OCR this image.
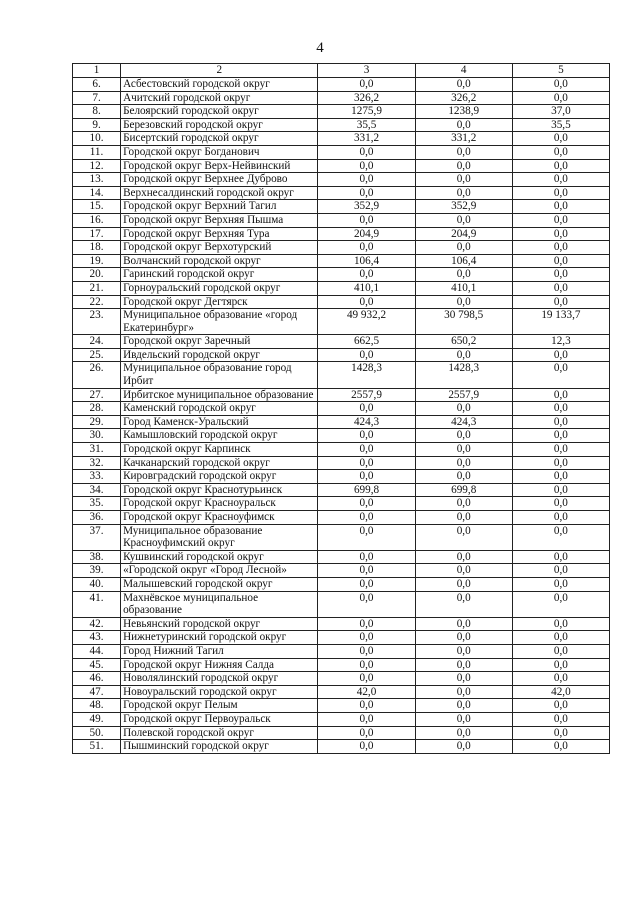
4
1	2	3	4	5
6.	Асбестовский городской округ	0,0	0,0	0,0
7.	Ачитский городской округ	326,2	326,2	0,0
8.	Белоярский городской округ	1275,9	1238,9	37,0
9.	Березовский городской округ	35,5	0,0	35,5
10.	Бисертский городской округ	331,2	331,2	0,0
11.	Городской округ Богданович	0,0	0,0	0,0
12.	Городской округ Верх-Нейвинский	0,0	0,0	0,0
13.	Городской округ Верхнее Дуброво	0,0	0,0	0,0
14.	Верхнесалдинский городской округ	0,0	0,0	0,0
15.	Городской округ Верхний Тагил	352,9	352,9	0,0
16.	Городской округ Верхняя Пышма	0,0	0,0	0,0
17.	Городской округ Верхняя Тура	204,9	204,9	0,0
18.	Городской округ Верхотурский	0,0	0,0	0,0
19.	Волчанский городской округ	106,4	106,4	0,0
20.	Гаринский городской округ	0,0	0,0	0,0
21.	Горноуральский городской округ	410,1	410,1	0,0
22.	Городской округ Дегтярск	0,0	0,0	0,0
23.	Муниципальное образование «город Екатеринбург»	49 932,2	30 798,5	19 133,7
24.	Городской округ Заречный	662,5	650,2	12,3
25.	Ивдельский городской округ	0,0	0,0	0,0
26.	Муниципальное образование город Ирбит	1428,3	1428,3	0,0
27.	Ирбитское муниципальное образование	2557,9	2557,9	0,0
28.	Каменский городской округ	0,0	0,0	0,0
29.	Город Каменск-Уральский	424,3	424,3	0,0
30.	Камышловский городской округ	0,0	0,0	0,0
31.	Городской округ Карпинск	0,0	0,0	0,0
32.	Качканарский городской округ	0,0	0,0	0,0
33.	Кировградский городской округ	0,0	0,0	0,0
34.	Городской округ Краснотурьинск	699,8	699,8	0,0
35.	Городской округ Красноуральск	0,0	0,0	0,0
36.	Городской округ Красноуфимск	0,0	0,0	0,0
37.	Муниципальное образование Красноуфимский округ	0,0	0,0	0,0
38.	Кушвинский городской округ	0,0	0,0	0,0
39.	«Городской округ «Город Лесной»	0,0	0,0	0,0
40.	Малышевский городской округ	0,0	0,0	0,0
41.	Махнёвское муниципальное образование	0,0	0,0	0,0
42.	Невьянский городской округ	0,0	0,0	0,0
43.	Нижнетуринский городской округ	0,0	0,0	0,0
44.	Город Нижний Тагил	0,0	0,0	0,0
45.	Городской округ Нижняя Салда	0,0	0,0	0,0
46.	Новолялинский городской округ	0,0	0,0	0,0
47.	Новоуральский городской округ	42,0	0,0	42,0
48.	Городской округ Пелым	0,0	0,0	0,0
49.	Городской округ Первоуральск	0,0	0,0	0,0
50.	Полевской городской округ	0,0	0,0	0,0
51.	Пышминский городской округ	0,0	0,0	0,0
